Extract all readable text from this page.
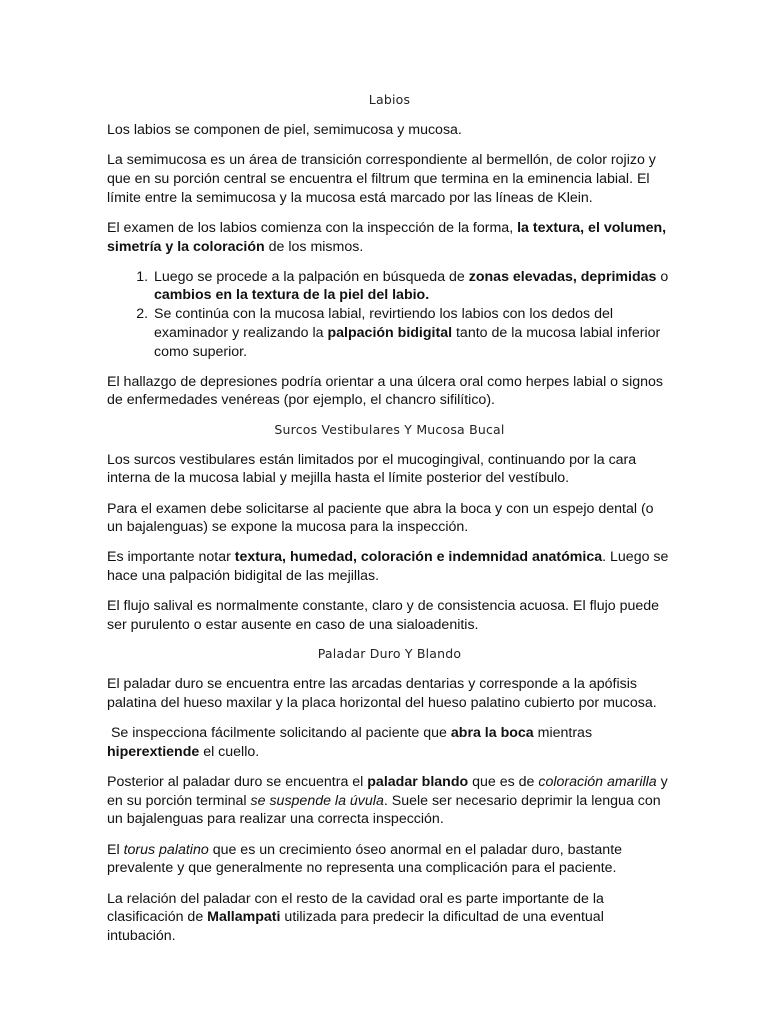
Labios

Los labios se componen de piel, semimucosa y mucosa.

La semimucosa es un área de transición correspondiente al bermellón, de color rojizo y que en su porción central se encuentra el filtrum que termina en la eminencia labial. El límite entre la semimucosa y la mucosa está marcado por las líneas de Klein.

El examen de los labios comienza con la inspección de la forma, la textura, el volumen, simetría y la coloración de los mismos.

1. Luego se procede a la palpación en búsqueda de zonas elevadas, deprimidas o cambios en la textura de la piel del labio.
2. Se continúa con la mucosa labial, revirtiendo los labios con los dedos del examinador y realizando la palpación bidigital tanto de la mucosa labial inferior como superior.

El hallazgo de depresiones podría orientar a una úlcera oral como herpes labial o signos de enfermedades venéreas (por ejemplo, el chancro sifilítico).

Surcos Vestibulares Y Mucosa Bucal

Los surcos vestibulares están limitados por el mucogingival, continuando por la cara interna de la mucosa labial y mejilla hasta el límite posterior del vestíbulo.

Para el examen debe solicitarse al paciente que abra la boca y con un espejo dental (o un bajalenguas) se expone la mucosa para la inspección.

Es importante notar textura, humedad, coloración e indemnidad anatómica. Luego se hace una palpación bidigital de las mejillas.

El flujo salival es normalmente constante, claro y de consistencia acuosa. El flujo puede ser purulento o estar ausente en caso de una sialoadenitis.

Paladar Duro Y Blando

El paladar duro se encuentra entre las arcadas dentarias y corresponde a la apófisis palatina del hueso maxilar y la placa horizontal del hueso palatino cubierto por mucosa.

Se inspecciona fácilmente solicitando al paciente que abra la boca mientras hiperextiende el cuello.

Posterior al paladar duro se encuentra el paladar blando que es de coloración amarilla y en su porción terminal se suspende la úvula. Suele ser necesario deprimir la lengua con un bajalenguas para realizar una correcta inspección.

El torus palatino que es un crecimiento óseo anormal en el paladar duro, bastante prevalente y que generalmente no representa una complicación para el paciente.

La relación del paladar con el resto de la cavidad oral es parte importante de la clasificación de Mallampati utilizada para predecir la dificultad de una eventual intubación.
